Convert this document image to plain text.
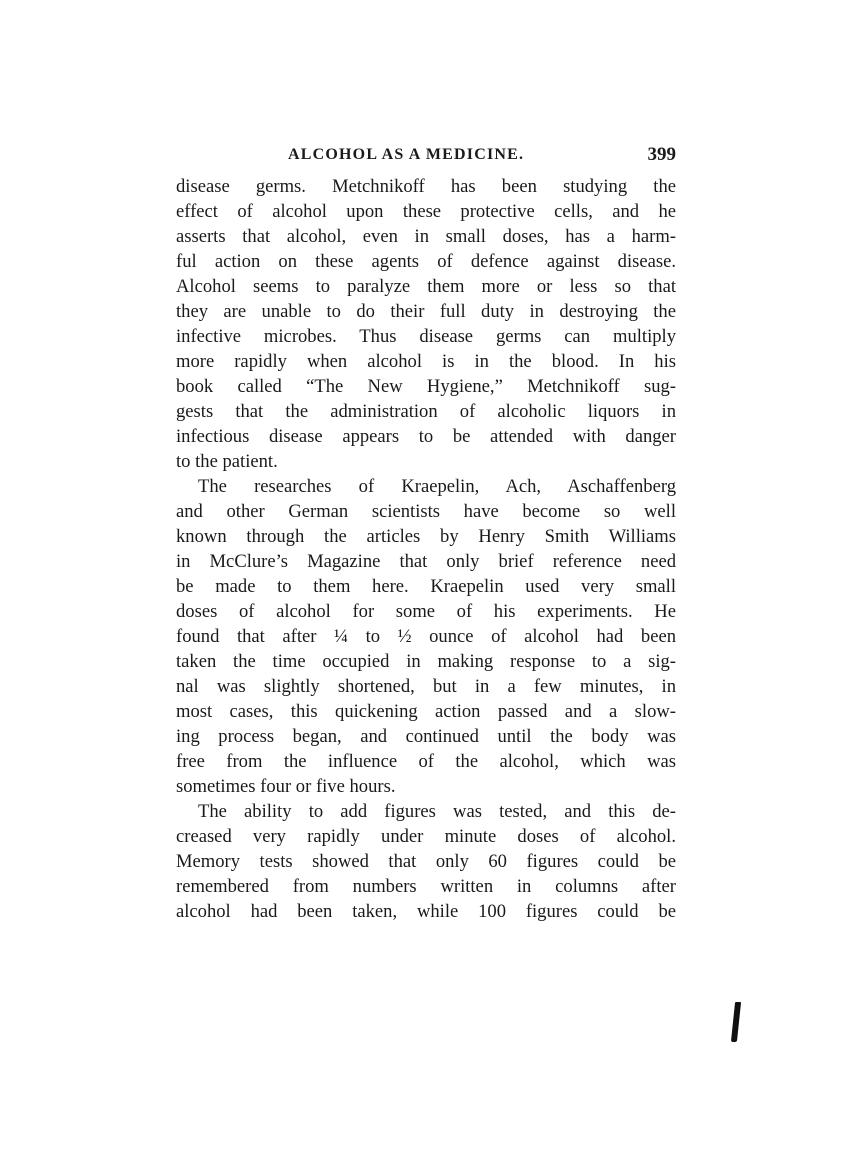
ALCOHOL AS A MEDICINE.	399
disease germs. Metchnikoff has been studying the
effect of alcohol upon these protective cells, and he
asserts that alcohol, even in small doses, has a harm-
ful action on these agents of defence against disease.
Alcohol seems to paralyze them more or less so that
they are unable to do their full duty in destroying the
infective microbes. Thus disease germs can multiply
more rapidly when alcohol is in the blood. In his
book called “The New Hygiene,” Metchnikoff sug-
gests that the administration of alcoholic liquors in
infectious disease appears to be attended with danger
to the patient.
The researches of Kraepelin, Ach, Aschaffenberg
and other German scientists have become so well
known through the articles by Henry Smith Williams
in McClure’s Magazine that only brief reference need
be made to them here. Kraepelin used very small
doses of alcohol for some of his experiments. He
found that after ¼ to ½ ounce of alcohol had been
taken the time occupied in making response to a sig-
nal was slightly shortened, but in a few minutes, in
most cases, this quickening action passed and a slow-
ing process began, and continued until the body was
free from the influence of the alcohol, which was
sometimes four or five hours.
The ability to add figures was tested, and this de-
creased very rapidly under minute doses of alcohol.
Memory tests showed that only 60 figures could be
remembered from numbers written in columns after
alcohol had been taken, while 100 figures could be
